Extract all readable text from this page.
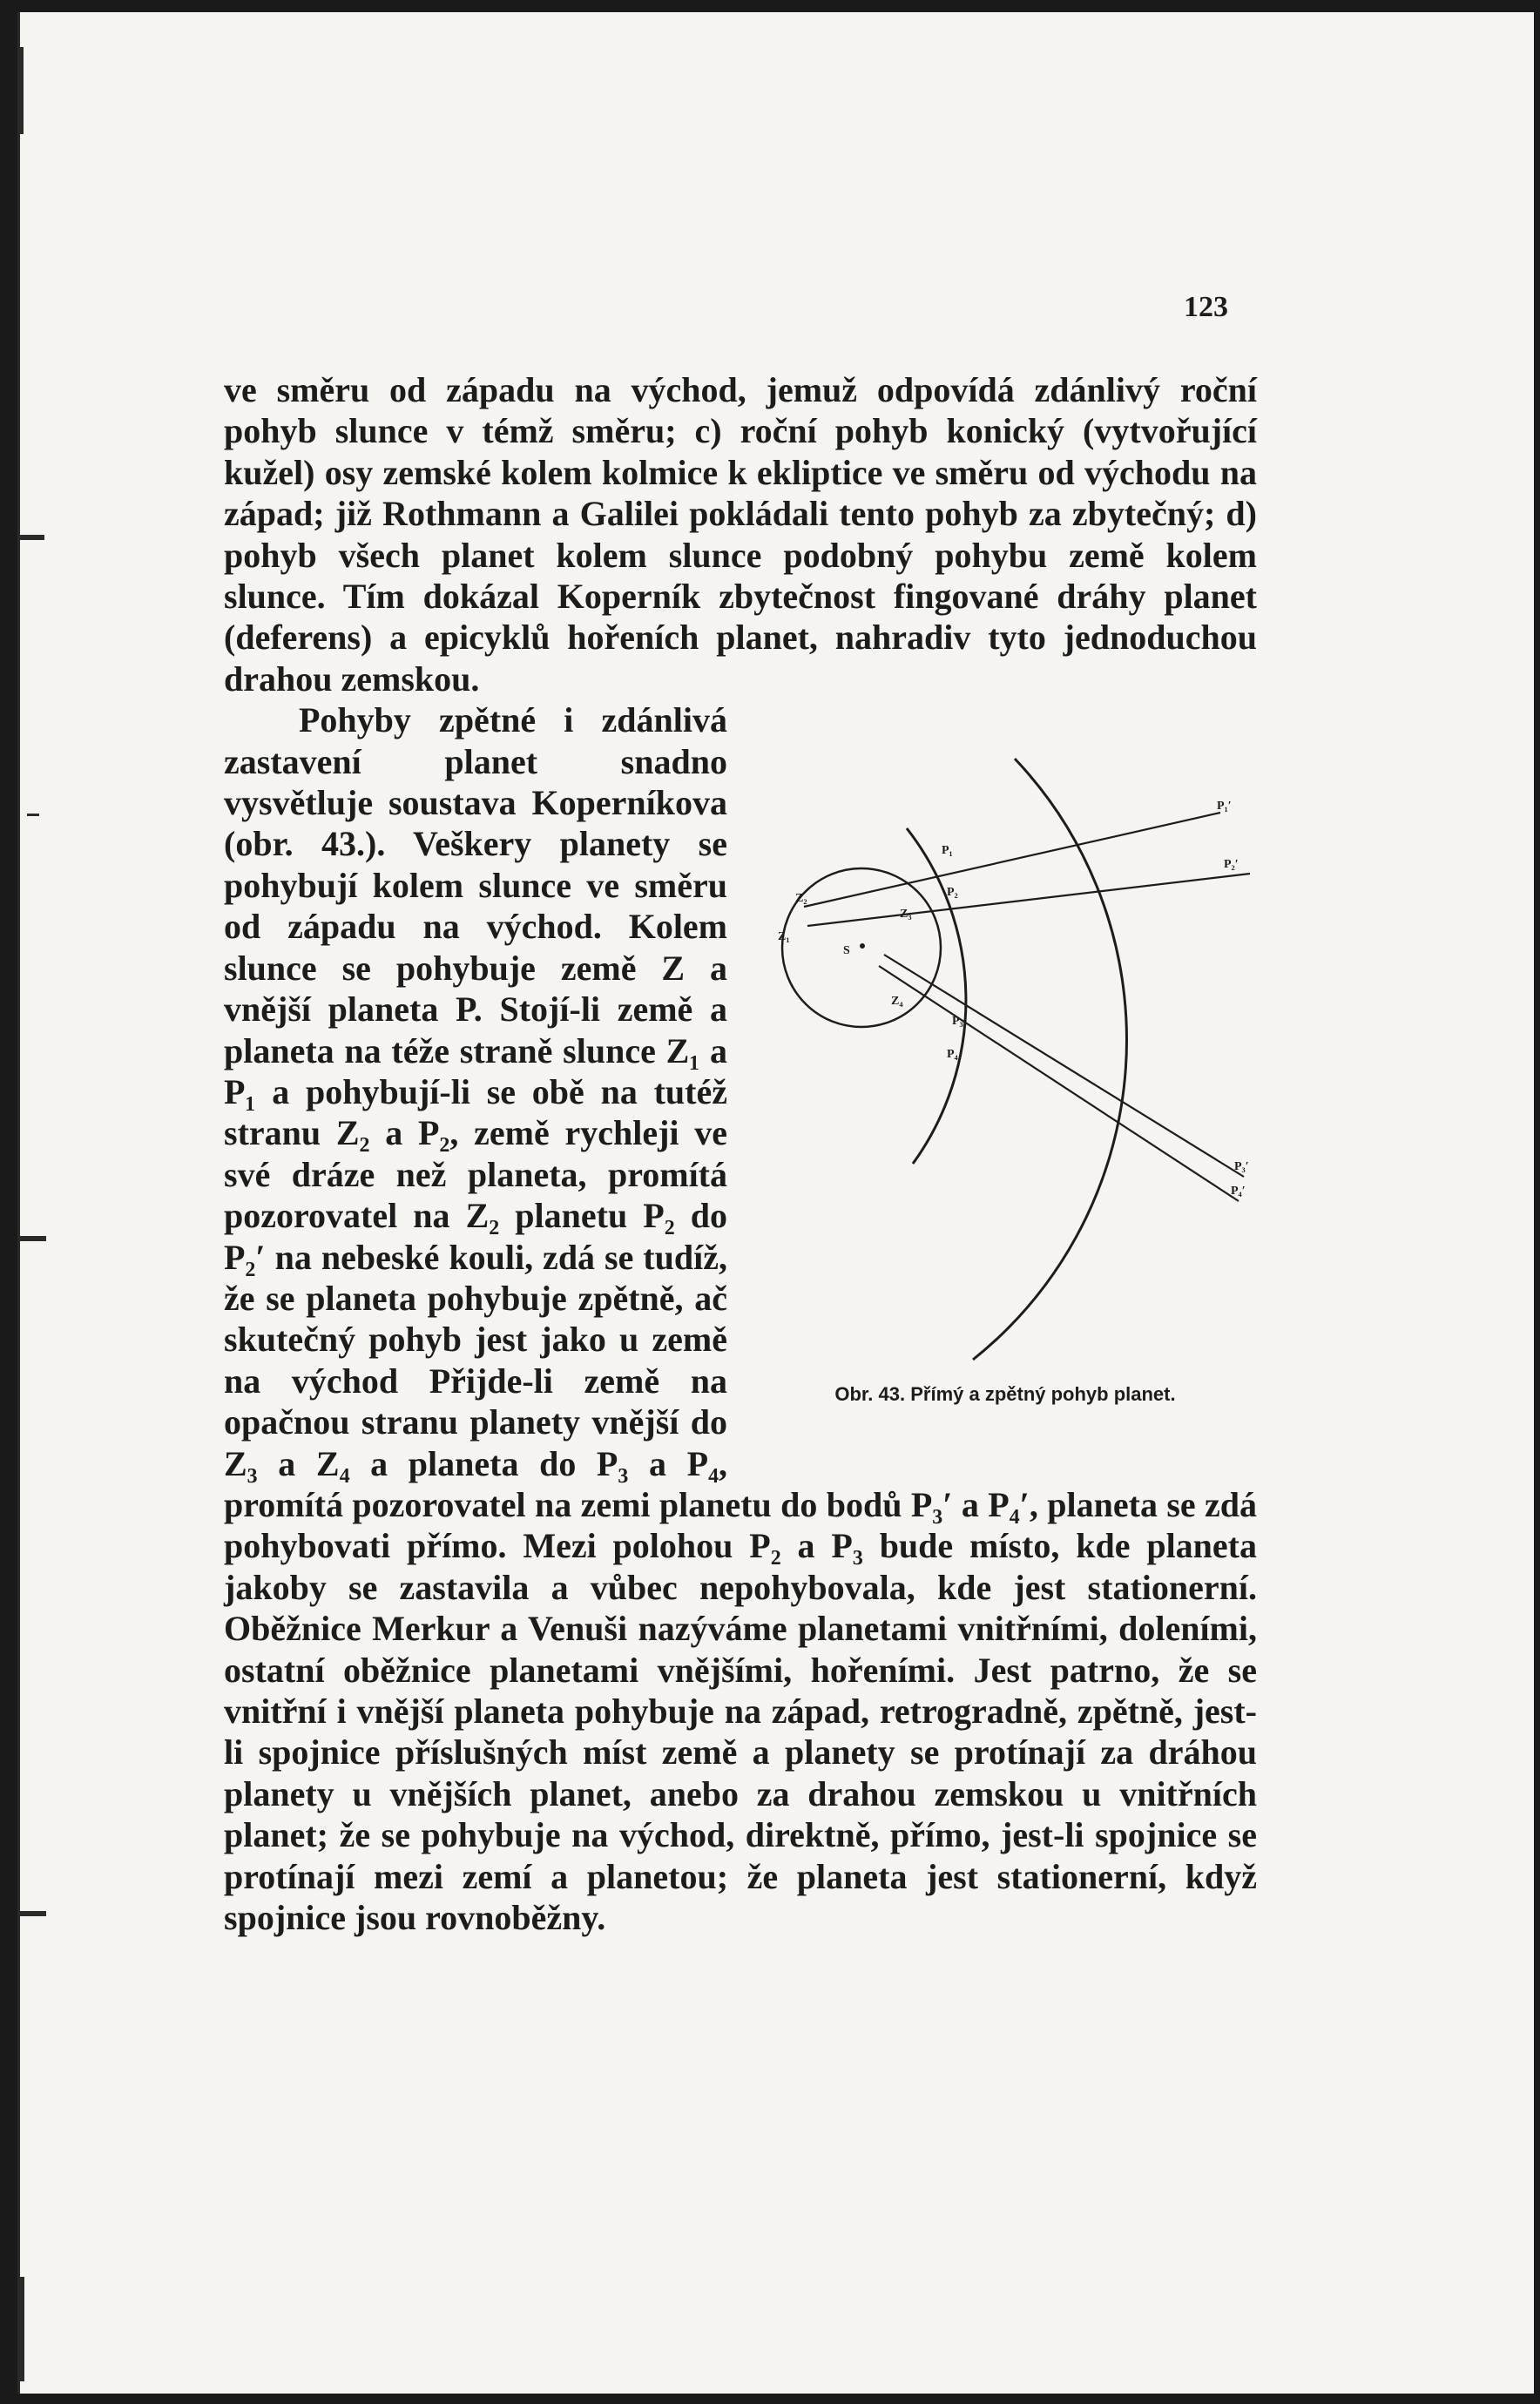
123

ve směru od západu na východ, jemuž odpovídá zdánlivý roční pohyb slunce v témž směru; c) roční pohyb konický (vytvořující kužel) osy zemské kolem kolmice k ekliptice ve směru od východu na západ; již Rothmann a Galilei pokládali tento pohyb za zbytečný; d) pohyb všech planet kolem slunce podobný pohybu země kolem slunce. Tím dokázal Koperník zbytečnost fingované dráhy planet (deferens) a epicyklů hořeních planet, nahradiv tyto jednoduchou drahou zemskou.

S
Z₂
Z₁
Z₃
Z₄
P₁
P₂
P₃
P₄
P₁′
P₂′
P₃′
P₄′
Obr. 43. Přímý a zpětný pohyb planet.

Pohyby zpětné i zdánlivá zastavení planet snadno vysvětluje soustava Koperníkova (obr. 43.). Veškery planety se pohybují kolem slunce ve směru od západu na východ. Kolem slunce se pohybuje země Z a vnější planeta P. Stojí-li země a planeta na téže straně slunce Z₁ a P₁ a pohybují-li se obě na tutéž stranu Z₂ a P₂, země rychleji ve své dráze než planeta, promítá pozorovatel na Z₂ planetu P₂ do P₂′ na nebeské kouli, zdá se tudíž, že se planeta pohybuje zpětně, ač skutečný pohyb jest jako u země na východ Přijde-li země na opačnou stranu planety vnější do Z₃ a Z₄ a planeta do P₃ a P₄, promítá pozorovatel na zemi planetu do bodů P₃′ a P₄′, planeta se zdá pohybovati přímo. Mezi polohou P₂ a P₃ bude místo, kde planeta jakoby se zastavila a vůbec nepohybovala, kde jest stationerní. Oběžnice Merkur a Venuši nazýváme planetami vnitřními, doleními, ostatní oběžnice planetami vnějšími, hořeními. Jest patrno, že se vnitřní i vnější planeta pohybuje na západ, retrogradně, zpětně, jest-li spojnice příslušných míst země a planety se protínají za dráhou planety u vnějších planet, anebo za drahou zemskou u vnitřních planet; že se pohybuje na východ, direktně, přímo, jest-li spojnice se protínají mezi zemí a planetou; že planeta jest stationerní, když spojnice jsou rovnoběžny.
